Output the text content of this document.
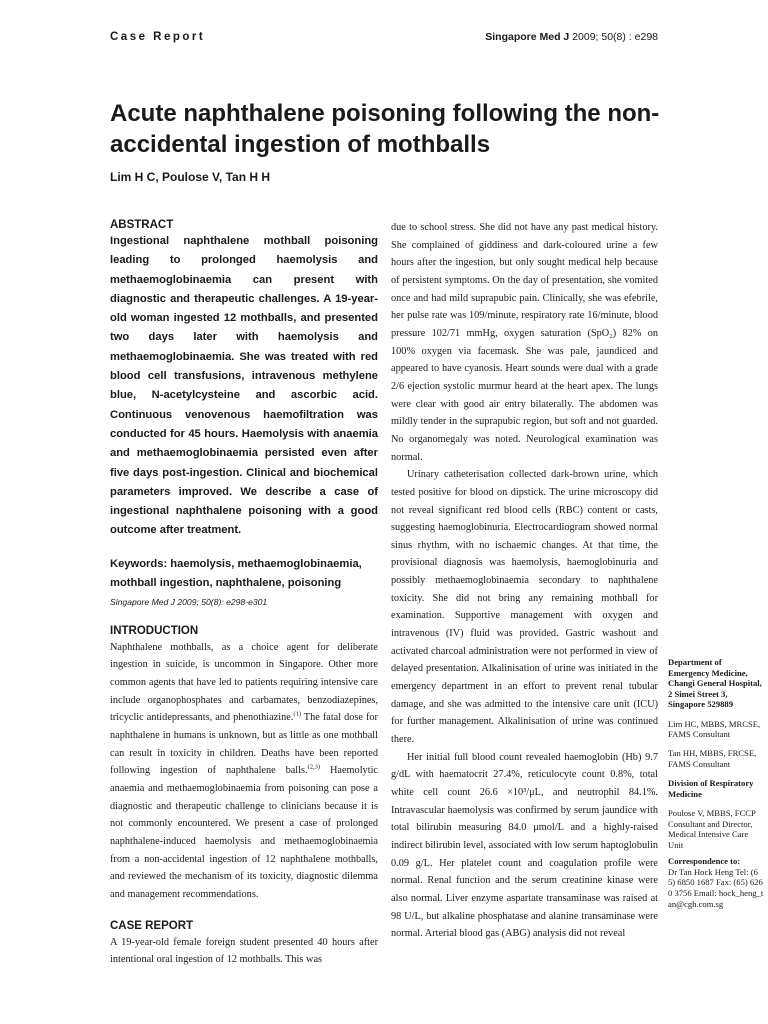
Case Report	Singapore Med J 2009; 50(8) : e298
Acute naphthalene poisoning following the non-accidental ingestion of mothballs
Lim H C, Poulose V, Tan H H

ABSTRACT

Ingestional naphthalene mothball poisoning leading to prolonged haemolysis and methaemoglobinaemia can present with diagnostic and therapeutic challenges. A 19-year-old woman ingested 12 mothballs, and presented two days later with haemolysis and methaemoglobinaemia. She was treated with red blood cell transfusions, intravenous methylene blue, N-acetylcysteine and ascorbic acid. Continuous venovenous haemofiltration was conducted for 45 hours. Haemolysis with anaemia and methaemoglobinaemia persisted even after five days post-ingestion. Clinical and biochemical parameters improved. We describe a case of ingestional naphthalene poisoning with a good outcome after treatment.

Keywords: haemolysis, methaemoglobinaemia, mothball ingestion, naphthalene, poisoning

Singapore Med J 2009; 50(8): e298-e301

INTRODUCTION

Naphthalene mothballs, as a choice agent for deliberate ingestion in suicide, is uncommon in Singapore. Other more common agents that have led to patients requiring intensive care include organophosphates and carbamates, benzodiazepines, tricyclic antidepressants, and phenothiazine.$^{(1)}$ The fatal dose for naphthalene in humans is unknown, but as little as one mothball can result in toxicity in children. Deaths have been reported following ingestion of naphthalene balls.$^{(2,3)}$ Haemolytic anaemia and methaemoglobinaemia from poisoning can pose a diagnostic and therapeutic challenge to clinicians because it is not commonly encountered. We present a case of prolonged naphthalene-induced haemolysis and methaemoglobinaemia from a non-accidental ingestion of 12 naphthalene mothballs, and reviewed the mechanism of its toxicity, diagnostic dilemma and management recommendations.

CASE REPORT

A 19-year-old female foreign student presented 40 hours after intentional oral ingestion of 12 mothballs. This was

due to school stress. She did not have any past medical history. She complained of giddiness and dark-coloured urine a few hours after the ingestion, but only sought medical help because of persistent symptoms. On the day of presentation, she vomited once and had mild suprapubic pain. Clinically, she was efebrile, her pulse rate was 109/minute, respiratory rate 16/minute, blood pressure 102/71 mmHg, oxygen saturation (SpO₂) 82% on 100% oxygen via facemask. She was pale, jaundiced and appeared to have cyanosis. Heart sounds were dual with a grade 2/6 ejection systolic murmur heard at the heart apex. The lungs were clear with good air entry bilaterally. The abdomen was mildly tender in the suprapubic region, but soft and not guarded. No organomegaly was noted. Neurological examination was normal.

Urinary catheterisation collected dark-brown urine, which tested positive for blood on dipstick. The urine microscopy did not reveal significant red blood cells (RBC) content or casts, suggesting haemoglobinuria. Electrocardiogram showed normal sinus rhythm, with no ischaemic changes. At that time, the provisional diagnosis was haemolysis, haemoglobinuria and possibly methaemoglobinaemia secondary to naphthalene toxicity. She did not bring any remaining mothball for examination. Supportive management with oxygen and intravenous (IV) fluid was provided. Gastric washout and activated charcoal administration were not performed in view of delayed presentation. Alkalinisation of urine was initiated in the emergency department in an effort to prevent renal tubular damage, and she was admitted to the intensive care unit (ICU) for further management. Alkalinisation of urine was continued there.

Her initial full blood count revealed haemoglobin (Hb) 9.7 g/dL with haematocrit 27.4%, reticulocyte count 0.8%, total white cell count 26.6 ×10³/μL, and neutrophil 84.1%. Intravascular haemolysis was confirmed by serum jaundice with total bilirubin measuring 84.0 μmol/L and a highly-raised indirect bilirubin level, associated with low serum haptoglobulin 0.09 g/L. Her platelet count and coagulation profile were normal. Renal function and the serum creatinine kinase were also normal. Liver enzyme aspartate transaminase was raised at 98 U/L, but alkaline phosphatase and alanine transaminase were normal. Arterial blood gas (ABG) analysis did not reveal

Department of Emergency Medicine, Changi General Hospital, 2 Simei Street 3, Singapore 529889

Lim HC, MBBS, MRCSE, FAMS Consultant

Tan HH, MBBS, FRCSE, FAMS Consultant

Division of Respiratory Medicine

Poulose V, MBBS, FCCP Consultant and Director, Medical Intensive Care Unit

Correspondence to:

Dr Tan Hock Heng Tel: (65) 6850 1687 Fax: (65) 6260 3756 Email: hock_heng_tan@cgh.com.sg
